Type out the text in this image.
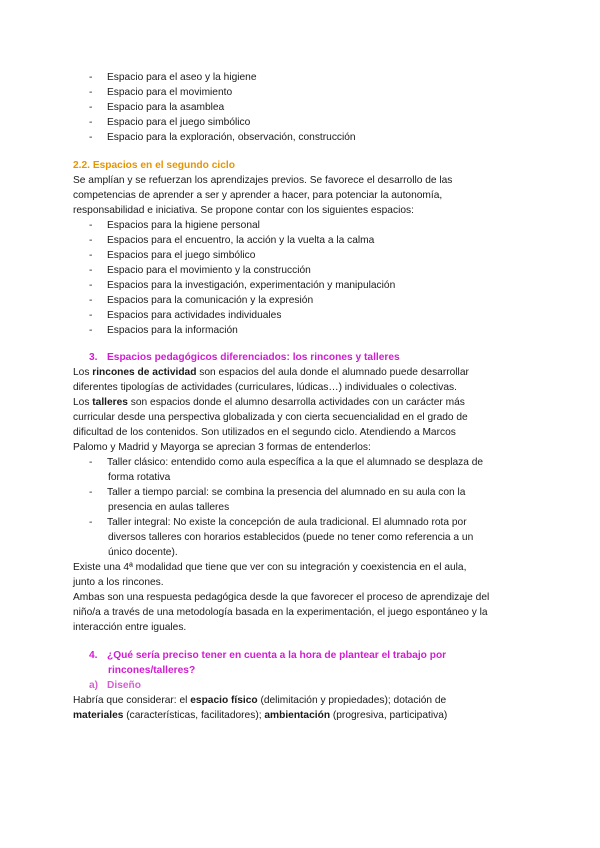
- Espacio para el aseo y la higiene
- Espacio para el movimiento
- Espacio para la asamblea
- Espacio para el juego simbólico
- Espacio para la exploración, observación, construcción
2.2. Espacios en el segundo ciclo
Se amplían y se refuerzan los aprendizajes previos. Se favorece el desarrollo de las
competencias de aprender a ser y aprender a hacer, para potenciar la autonomía,
responsabilidad e iniciativa. Se propone contar con los siguientes espacios:
- Espacios para la higiene personal
- Espacios para el encuentro, la acción y la vuelta a la calma
- Espacios para el juego simbólico
- Espacio para el movimiento y la construcción
- Espacios para la investigación, experimentación y manipulación
- Espacios para la comunicación y la expresión
- Espacios para actividades individuales
- Espacios para la información
3. Espacios pedagógicos diferenciados: los rincones y talleres
Los rincones de actividad son espacios del aula donde el alumnado puede desarrollar
diferentes tipologías de actividades (curriculares, lúdicas…) individuales o colectivas.
Los talleres son espacios donde el alumno desarrolla actividades con un carácter más
curricular desde una perspectiva globalizada y con cierta secuencialidad en el grado de
dificultad de los contenidos. Son utilizados en el segundo ciclo. Atendiendo a Marcos
Palomo y Madrid y Mayorga se aprecian 3 formas de entenderlos:
- Taller clásico: entendido como aula específica a la que el alumnado se desplaza de
forma rotativa
- Taller a tiempo parcial: se combina la presencia del alumnado en su aula con la
presencia en aulas talleres
- Taller integral: No existe la concepción de aula tradicional. El alumnado rota por
diversos talleres con horarios establecidos (puede no tener como referencia a un
único docente).
Existe una 4ª modalidad que tiene que ver con su integración y coexistencia en el aula,
junto a los rincones.
Ambas son una respuesta pedagógica desde la que favorecer el proceso de aprendizaje del
niño/a a través de una metodología basada en la experimentación, el juego espontáneo y la
interacción entre iguales.
4. ¿Qué sería preciso tener en cuenta a la hora de plantear el trabajo por
rincones/talleres?
a) Diseño
Habría que considerar: el espacio físico (delimitación y propiedades); dotación de
materiales (características, facilitadores); ambientación (progresiva, participativa)
